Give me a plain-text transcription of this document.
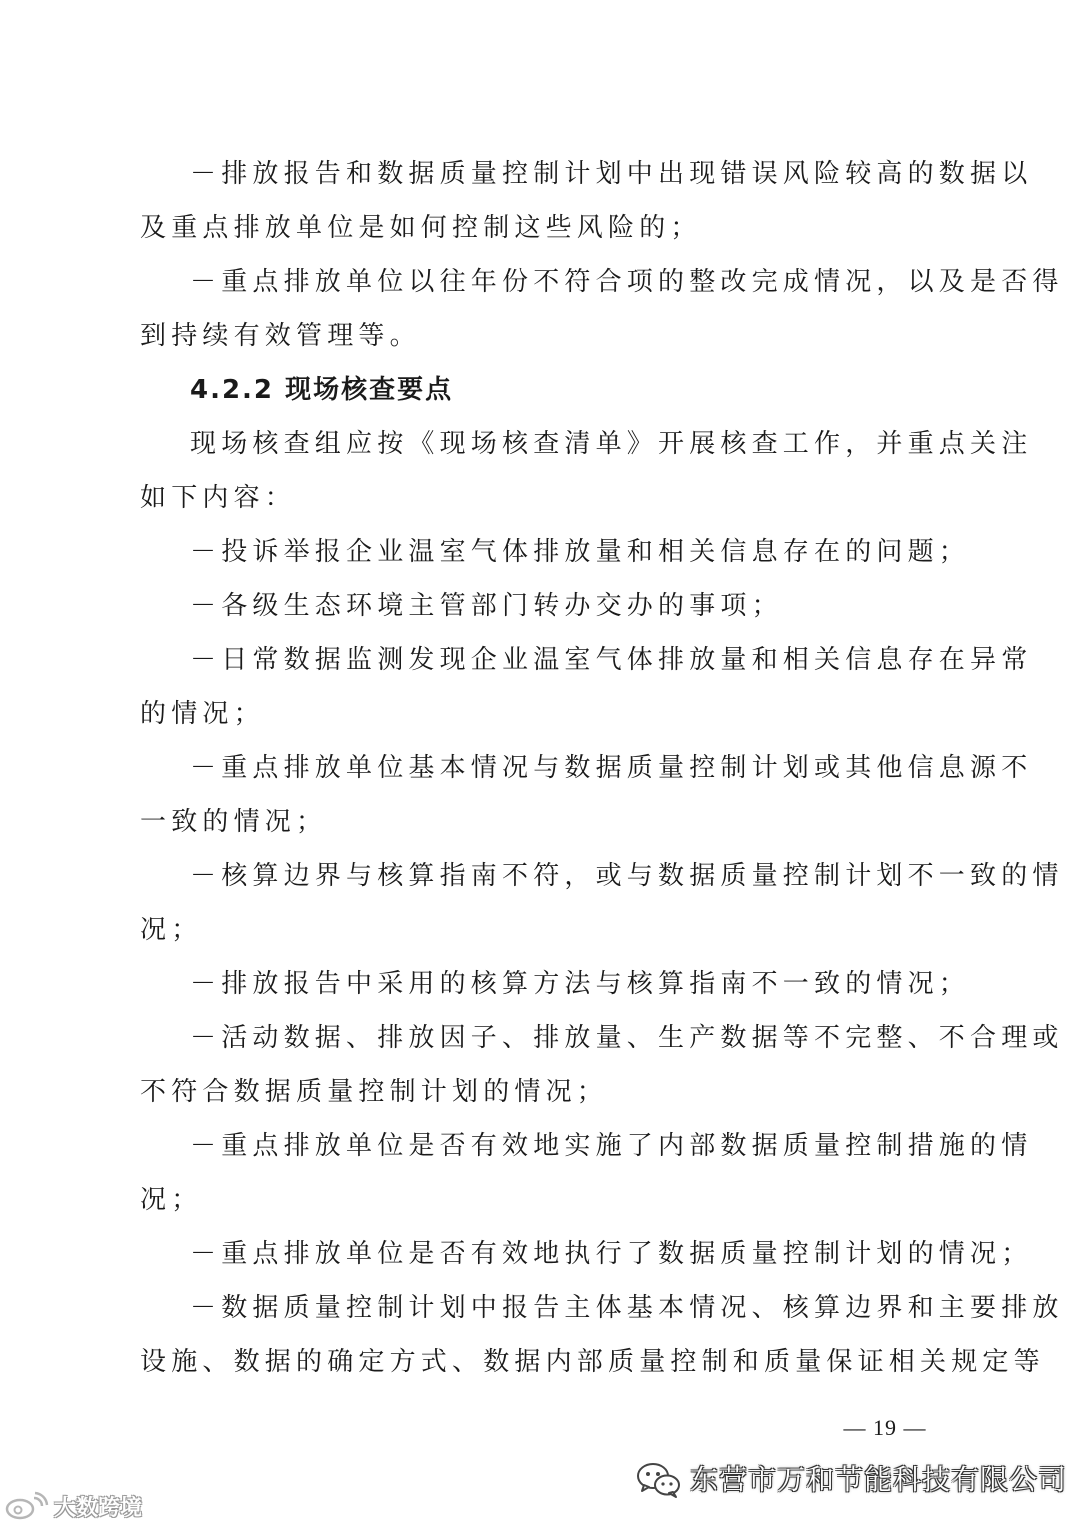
－排放报告和数据质量控制计划中出现错误风险较高的数据以
及重点排放单位是如何控制这些风险的；
－重点排放单位以往年份不符合项的整改完成情况，以及是否得
到持续有效管理等。
4.2.2 现场核查要点
现场核查组应按《现场核查清单》开展核查工作，并重点关注
如下内容：
－投诉举报企业温室气体排放量和相关信息存在的问题；
－各级生态环境主管部门转办交办的事项；
－日常数据监测发现企业温室气体排放量和相关信息存在异常
的情况；
－重点排放单位基本情况与数据质量控制计划或其他信息源不
一致的情况；
－核算边界与核算指南不符，或与数据质量控制计划不一致的情
况；
－排放报告中采用的核算方法与核算指南不一致的情况；
－活动数据、排放因子、排放量、生产数据等不完整、不合理或
不符合数据质量控制计划的情况；
－重点排放单位是否有效地实施了内部数据质量控制措施的情
况；
－重点排放单位是否有效地执行了数据质量控制计划的情况；
－数据质量控制计划中报告主体基本情况、核算边界和主要排放
设施、数据的确定方式、数据内部质量控制和质量保证相关规定等
— 19 —
东营市万和节能科技有限公司
大数跨境
